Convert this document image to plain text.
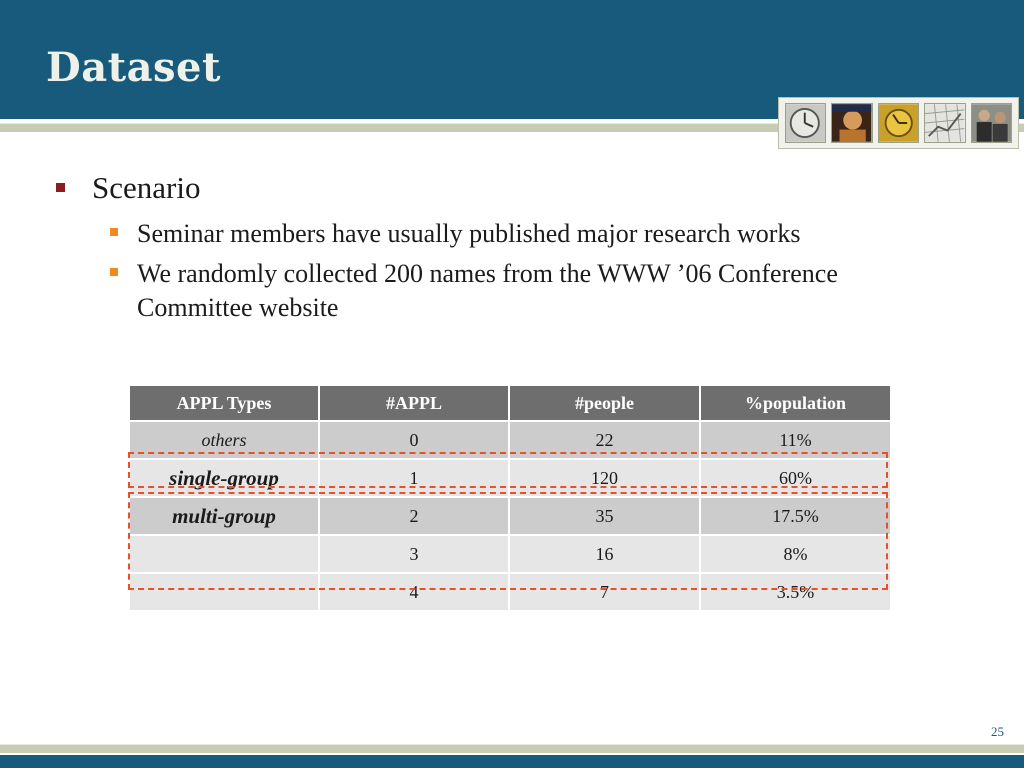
Dataset
Scenario
Seminar members have usually published major research works
We randomly collected 200 names from the WWW ’06 Conference Committee website
APPL Types	#APPL	#people	%population
others	0	22	11%
single-group	1	120	60%
multi-group	2	35	17.5%
	3	16	8%
	4	7	3.5%
25
